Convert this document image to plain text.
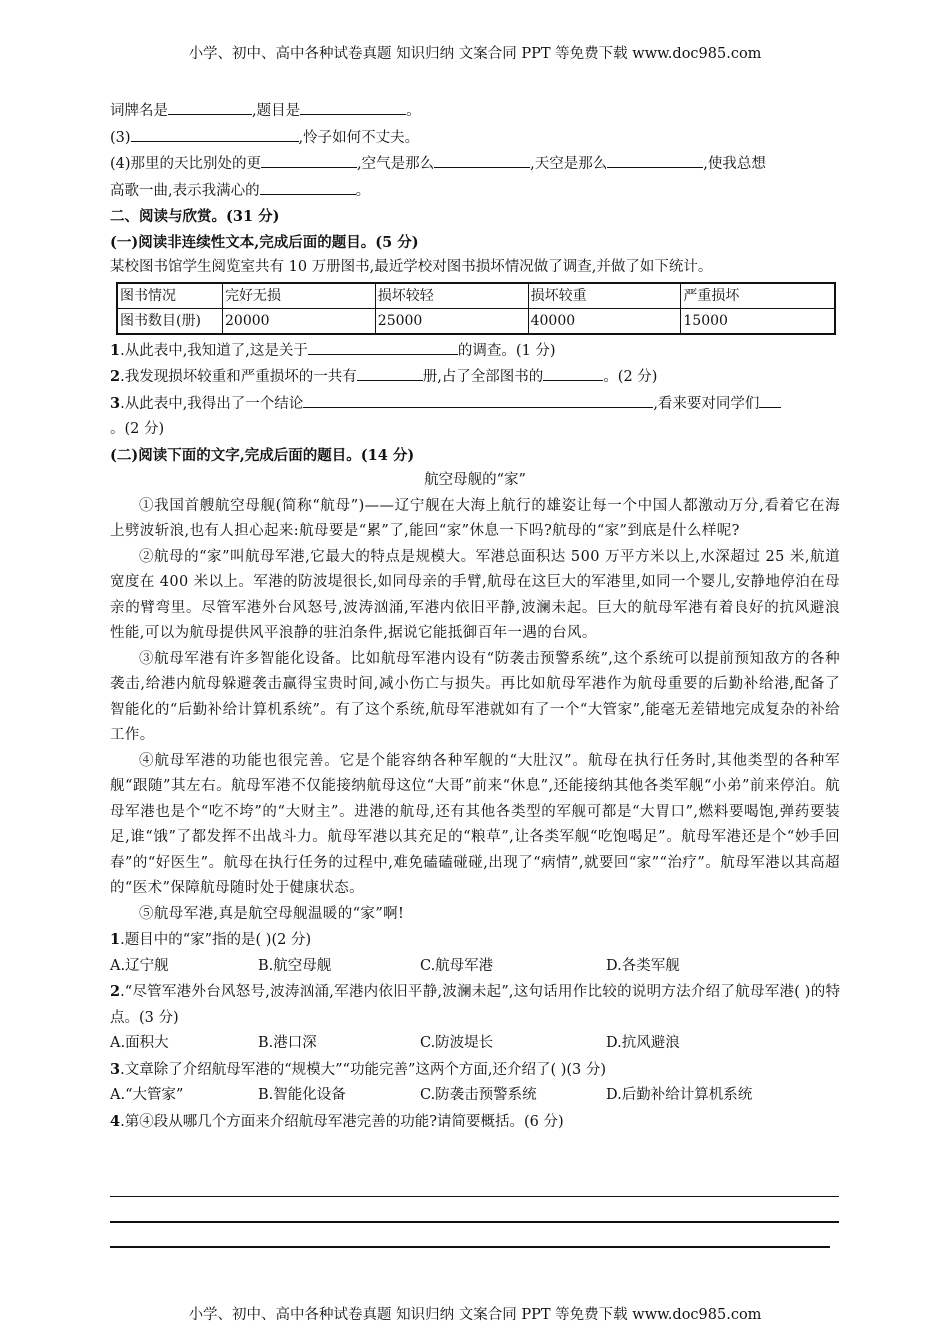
小学、初中、高中各种试卷真题 知识归纳 文案合同 PPT 等免费下载 www.doc985.com
词牌名是	,题目是	。
(3)	,怜子如何不丈夫。
(4)那里的天比别处的更	,空气是那么	,天空是那么	,使我总想
高歌一曲,表示我满心的	。
二、阅读与欣赏。(31 分)
(一)阅读非连续性文本,完成后面的题目。(5 分)
某校图书馆学生阅览室共有 10 万册图书,最近学校对图书损坏情况做了调查,并做了如下统计。
图书情况	完好无损	损坏较轻	损坏较重	严重损坏
图书数目(册)	20000	25000	40000	15000
1.从此表中,我知道了,这是关于	的调查。(1 分)
2.我发现损坏较重和严重损坏的一共有	册,占了全部图书的	。(2 分)
3.从此表中,我得出了一个结论	,看来要对同学们
。(2 分)
(二)阅读下面的文字,完成后面的题目。(14 分)
航空母舰的“家”
①我国首艘航空母舰(简称“航母”)——辽宁舰在大海上航行的雄姿让每一个中国人都激动万分,看着它在海上劈波斩浪,也有人担心起来:航母要是“累”了,能回“家”休息一下吗?航母的“家”到底是什么样呢?
②航母的“家”叫航母军港,它最大的特点是规模大。军港总面积达 500 万平方米以上,水深超过 25 米,航道宽度在 400 米以上。军港的防波堤很长,如同母亲的手臂,航母在这巨大的军港里,如同一个婴儿,安静地停泊在母亲的臂弯里。尽管军港外台风怒号,波涛汹涌,军港内依旧平静,波澜未起。巨大的航母军港有着良好的抗风避浪性能,可以为航母提供风平浪静的驻泊条件,据说它能抵御百年一遇的台风。
③航母军港有许多智能化设备。比如航母军港内设有“防袭击预警系统”,这个系统可以提前预知敌方的各种袭击,给港内航母躲避袭击赢得宝贵时间,减小伤亡与损失。再比如航母军港作为航母重要的后勤补给港,配备了智能化的“后勤补给计算机系统”。有了这个系统,航母军港就如有了一个“大管家”,能毫无差错地完成复杂的补给工作。
④航母军港的功能也很完善。它是个能容纳各种军舰的“大肚汉”。航母在执行任务时,其他类型的各种军舰“跟随”其左右。航母军港不仅能接纳航母这位“大哥”前来“休息”,还能接纳其他各类军舰“小弟”前来停泊。航母军港也是个“吃不垮”的“大财主”。进港的航母,还有其他各类型的军舰可都是“大胃口”,燃料要喝饱,弹药要装足,谁“饿”了都发挥不出战斗力。航母军港以其充足的“粮草”,让各类军舰“吃饱喝足”。航母军港还是个“妙手回春”的“好医生”。航母在执行任务的过程中,难免磕磕碰碰,出现了“病情”,就要回“家”“治疗”。航母军港以其高超的“医术”保障航母随时处于健康状态。
⑤航母军港,真是航空母舰温暖的“家”啊!
1.题目中的“家”指的是( )(2 分)
A.辽宁舰	B.航空母舰	C.航母军港	D.各类军舰
2.“尽管军港外台风怒号,波涛汹涌,军港内依旧平静,波澜未起”,这句话用作比较的说明方法介绍了航母军港( )的特点。(3 分)
A.面积大	B.港口深	C.防波堤长	D.抗风避浪
3.文章除了介绍航母军港的“规模大”“功能完善”这两个方面,还介绍了( )(3 分)
A.“大管家”	B.智能化设备	C.防袭击预警系统	D.后勤补给计算机系统
4.第④段从哪几个方面来介绍航母军港完善的功能?请简要概括。(6 分)
小学、初中、高中各种试卷真题 知识归纳 文案合同 PPT 等免费下载 www.doc985.com
